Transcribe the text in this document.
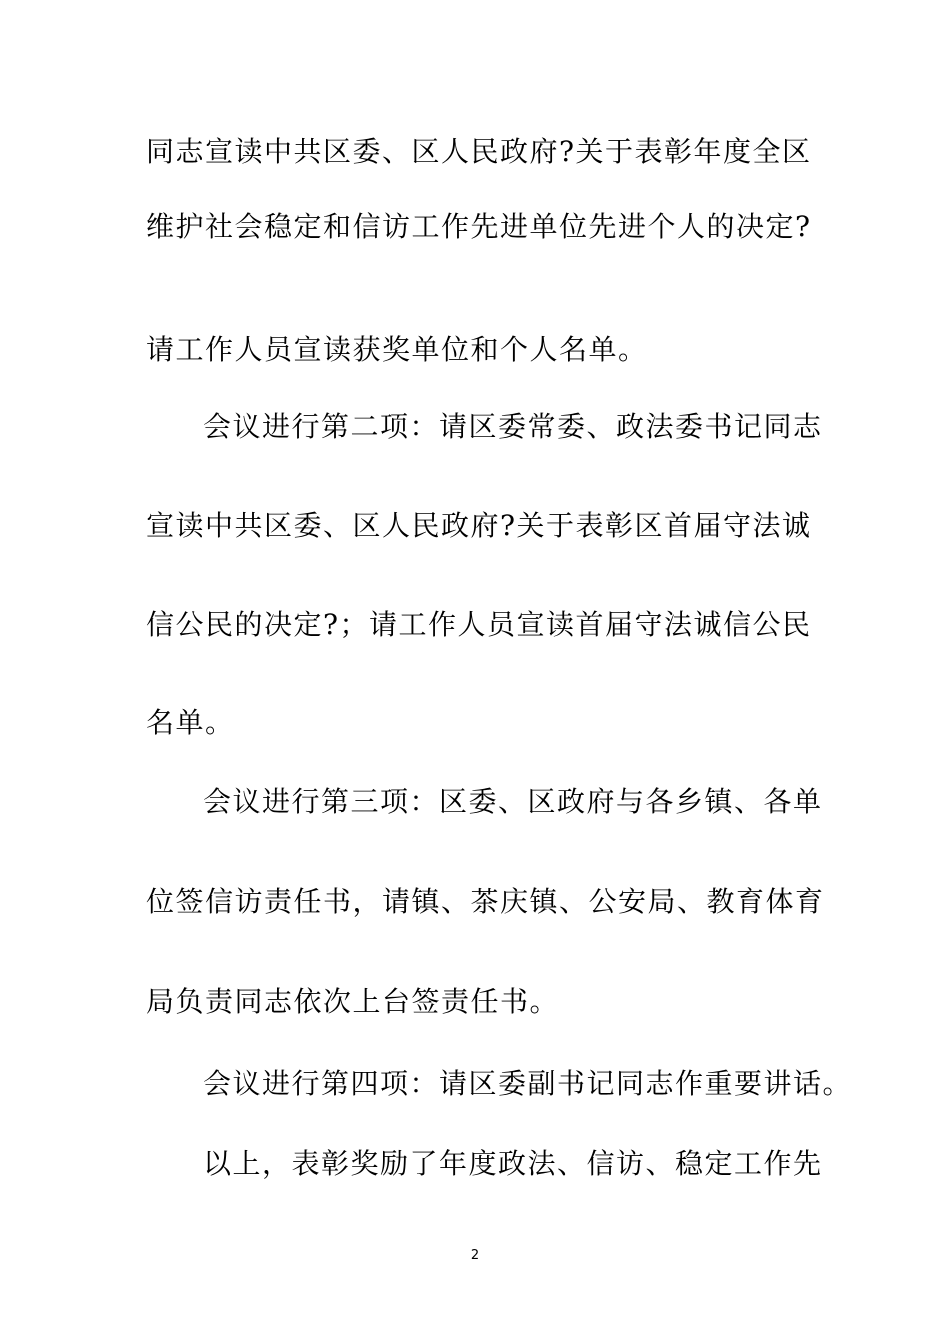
同志宣读中共区委、区人民政府?关于表彰年度全区
维护社会稳定和信访工作先进单位先进个人的决定?
请工作人员宣读获奖单位和个人名单。
会议进行第二项：请区委常委、政法委书记同志
宣读中共区委、区人民政府?关于表彰区首届守法诚
信公民的决定?；请工作人员宣读首届守法诚信公民
名单。
会议进行第三项：区委、区政府与各乡镇、各单
位签信访责任书，请镇、茶庆镇、公安局、教育体育
局负责同志依次上台签责任书。
会议进行第四项：请区委副书记同志作重要讲话。
以上，表彰奖励了年度政法、信访、稳定工作先
2
